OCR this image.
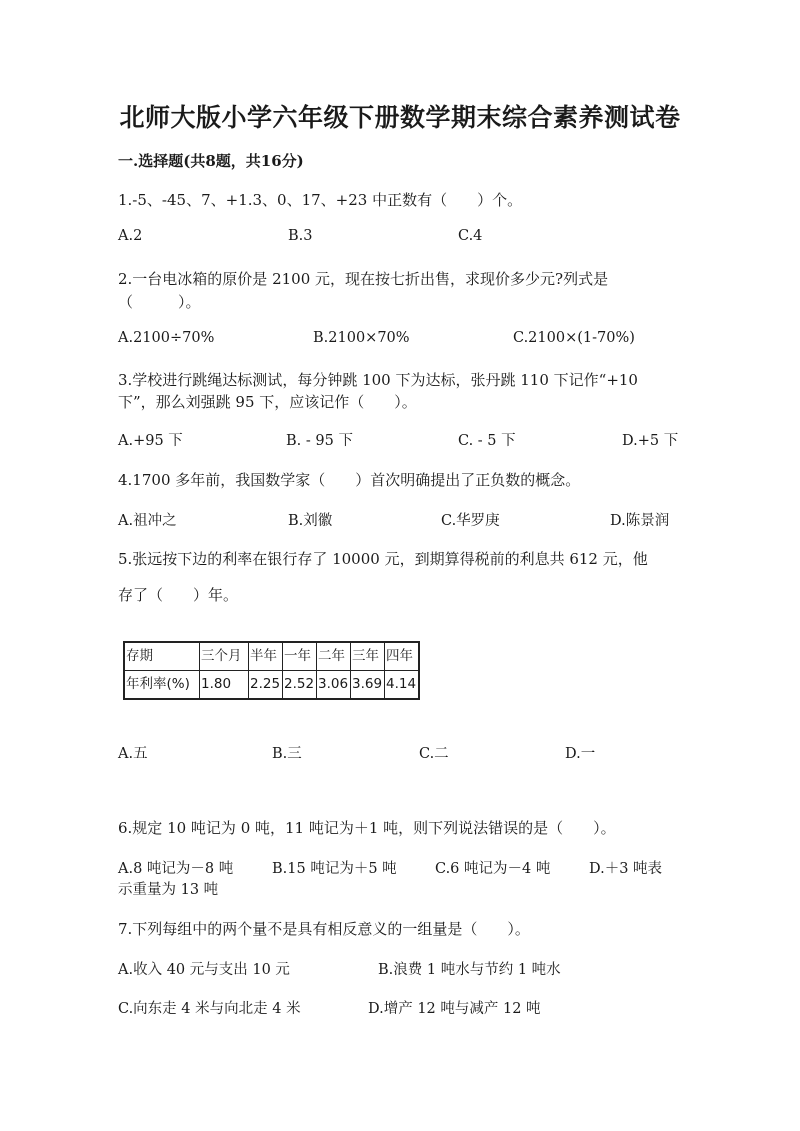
北师大版小学六年级下册数学期末综合素养测试卷
一.选择题(共8题，共16分)
1.-5、-45、7、+1.3、0、17、+23 中正数有（　　）个。
A.2	B.3	C.4
2.一台电冰箱的原价是 2100 元，现在按七折出售，求现价多少元?列式是
（　　　）。
A.2100÷70%	B.2100×70%	C.2100×(1-70%)
3.学校进行跳绳达标测试，每分钟跳 100 下为达标，张丹跳 110 下记作“+10
下”，那么刘强跳 95 下，应该记作（　　）。
A.+95 下	B. - 95 下	C. - 5 下	D.+5 下
4.1700 多年前，我国数学家（　　）首次明确提出了正负数的概念。
A.祖冲之	B.刘徽	C.华罗庚	D.陈景润
5.张远按下边的利率在银行存了 10000 元，到期算得税前的利息共 612 元，他
存了（　　）年。
存期	三个月	半年	一年	二年	三年	四年
年利率(%)	1.80	2.25	2.52	3.06	3.69	4.14
A.五	B.三	C.二	D.一
6.规定 10 吨记为 0 吨，11 吨记为＋1 吨，则下列说法错误的是（　　）。
A.8 吨记为－8 吨	B.15 吨记为＋5 吨	C.6 吨记为－4 吨	D.＋3 吨表
示重量为 13 吨
7.下列每组中的两个量不是具有相反意义的一组量是（　　）。
A.收入 40 元与支出 10 元	B.浪费 1 吨水与节约 1 吨水
C.向东走 4 米与向北走 4 米	D.增产 12 吨与减产 12 吨
